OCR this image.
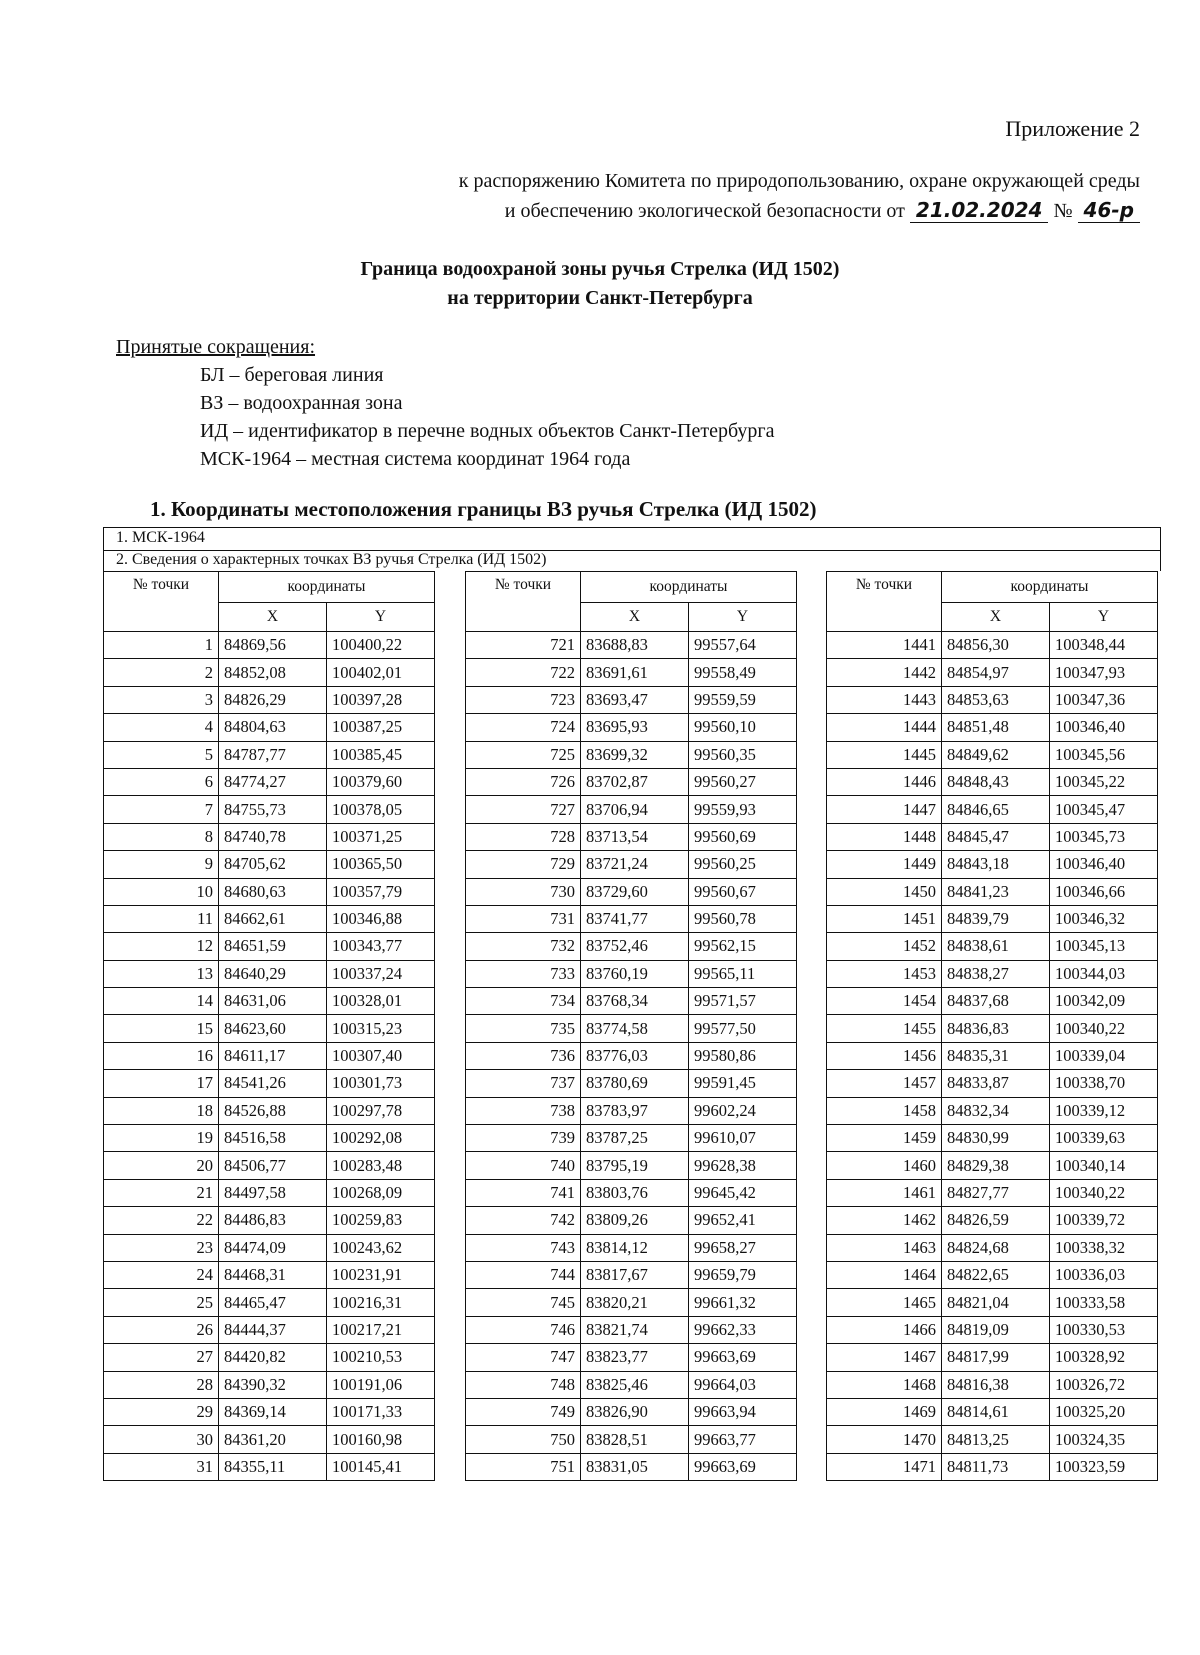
Приложение 2
к распоряжению Комитета по природопользованию, охране окружающей среды
и обеспечению экологической безопасности от 21.02.2024 № 46-р
Граница водоохраной зоны ручья Стрелка (ИД 1502)
на территории Санкт-Петербурга
Принятые сокращения:
БЛ – береговая линия
ВЗ – водоохранная зона
ИД – идентификатор в перечне водных объектов Санкт-Петербурга
МСК-1964 – местная система координат 1964 года
1. Координаты местоположения границы ВЗ ручья Стрелка (ИД 1502)
1. МСК-1964
2. Сведения о характерных точках ВЗ ручья Стрелка (ИД 1502)
№ точки	координаты	
	X	Y
1	84869,56	100400,22
2	84852,08	100402,01
3	84826,29	100397,28
4	84804,63	100387,25
5	84787,77	100385,45
6	84774,27	100379,60
7	84755,73	100378,05
8	84740,78	100371,25
9	84705,62	100365,50
10	84680,63	100357,79
11	84662,61	100346,88
12	84651,59	100343,77
13	84640,29	100337,24
14	84631,06	100328,01
15	84623,60	100315,23
16	84611,17	100307,40
17	84541,26	100301,73
18	84526,88	100297,78
19	84516,58	100292,08
20	84506,77	100283,48
21	84497,58	100268,09
22	84486,83	100259,83
23	84474,09	100243,62
24	84468,31	100231,91
25	84465,47	100216,31
26	84444,37	100217,21
27	84420,82	100210,53
28	84390,32	100191,06
29	84369,14	100171,33
30	84361,20	100160,98
31	84355,11	100145,41
№ точки	координаты	
	X	Y
721	83688,83	99557,64
722	83691,61	99558,49
723	83693,47	99559,59
724	83695,93	99560,10
725	83699,32	99560,35
726	83702,87	99560,27
727	83706,94	99559,93
728	83713,54	99560,69
729	83721,24	99560,25
730	83729,60	99560,67
731	83741,77	99560,78
732	83752,46	99562,15
733	83760,19	99565,11
734	83768,34	99571,57
735	83774,58	99577,50
736	83776,03	99580,86
737	83780,69	99591,45
738	83783,97	99602,24
739	83787,25	99610,07
740	83795,19	99628,38
741	83803,76	99645,42
742	83809,26	99652,41
743	83814,12	99658,27
744	83817,67	99659,79
745	83820,21	99661,32
746	83821,74	99662,33
747	83823,77	99663,69
748	83825,46	99664,03
749	83826,90	99663,94
750	83828,51	99663,77
751	83831,05	99663,69
№ точки	координаты	
	X	Y
1441	84856,30	100348,44
1442	84854,97	100347,93
1443	84853,63	100347,36
1444	84851,48	100346,40
1445	84849,62	100345,56
1446	84848,43	100345,22
1447	84846,65	100345,47
1448	84845,47	100345,73
1449	84843,18	100346,40
1450	84841,23	100346,66
1451	84839,79	100346,32
1452	84838,61	100345,13
1453	84838,27	100344,03
1454	84837,68	100342,09
1455	84836,83	100340,22
1456	84835,31	100339,04
1457	84833,87	100338,70
1458	84832,34	100339,12
1459	84830,99	100339,63
1460	84829,38	100340,14
1461	84827,77	100340,22
1462	84826,59	100339,72
1463	84824,68	100338,32
1464	84822,65	100336,03
1465	84821,04	100333,58
1466	84819,09	100330,53
1467	84817,99	100328,92
1468	84816,38	100326,72
1469	84814,61	100325,20
1470	84813,25	100324,35
1471	84811,73	100323,59
